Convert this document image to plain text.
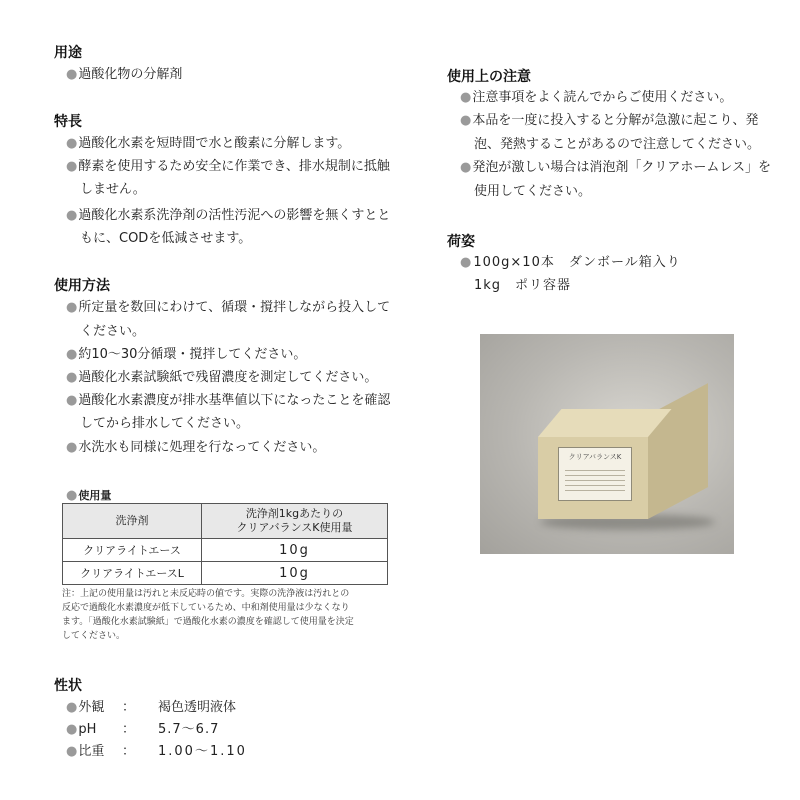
用途
●過酸化物の分解剤
特長
●過酸化水素を短時間で水と酸素に分解します。
●酵素を使用するため安全に作業でき、排水規制に抵触
しません。
●過酸化水素系洗浄剤の活性汚泥への影響を無くすとと
もに、CODを低減させます。
使用方法
●所定量を数回にわけて、循環・撹拌しながら投入して
ください。
●約10～30分循環・撹拌してください。
●過酸化水素試験紙で残留濃度を測定してください。
●過酸化水素濃度が排水基準値以下になったことを確認
してから排水してください。
●水洗水も同様に処理を行なってください。
●使用量
洗浄剤	洗浄剤1kgあたりの
クリアバランスK使用量

クリアライトエース	10g
クリアライトエースL	10g
注：上記の使用量は汚れと未反応時の値です。実際の洗浄液は汚れとの
反応で過酸化水素濃度が低下しているため、中和剤使用量は少なくなり
ます。「過酸化水素試験紙」で過酸化水素の濃度を確認して使用量を決定
してください。
性状
●外観 ： 褐色透明液体
●pH ： 5.7～6.7
●比重 ： 1.00～1.10
使用上の注意
●注意事項をよく読んでからご使用ください。
●本品を一度に投入すると分解が急激に起こり、発
泡、発熱することがあるので注意してください。
●発泡が激しい場合は消泡剤「クリアホームレス」を
使用してください。
荷姿
●100g×10本　ダンボール箱入り
1kg　ポリ容器
クリアバランスK
